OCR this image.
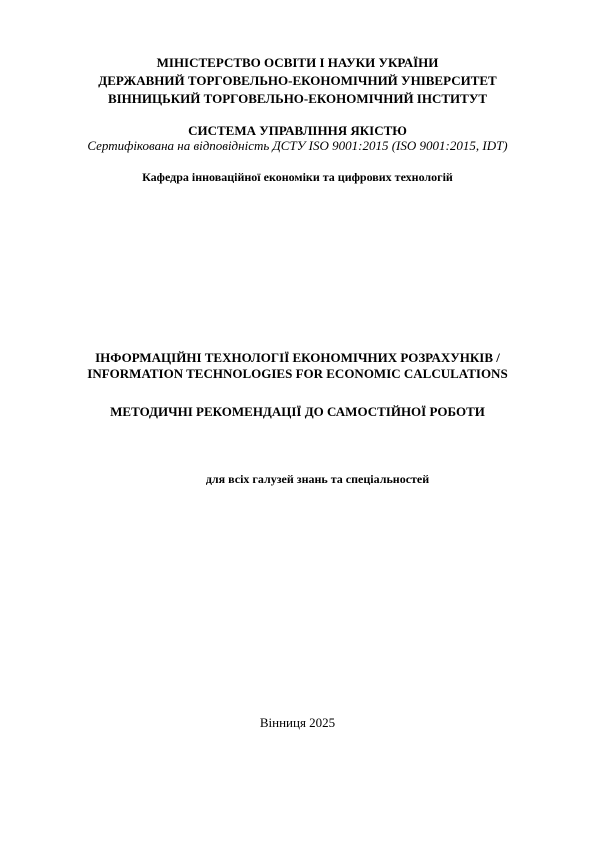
МІНІСТЕРСТВО ОСВІТИ І НАУКИ УКРАЇНИ
ДЕРЖАВНИЙ ТОРГОВЕЛЬНО-ЕКОНОМІЧНИЙ УНІВЕРСИТЕТ
ВІННИЦЬКИЙ ТОРГОВЕЛЬНО-ЕКОНОМІЧНИЙ ІНСТИТУТ
СИСТЕМА УПРАВЛІННЯ ЯКІСТЮ
Сертифікована на відповідність ДСТУ ISO 9001:2015 (ISO 9001:2015, IDT)
Кафедра інноваційної економіки та цифрових технологій
ІНФОРМАЦІЙНІ ТЕХНОЛОГІЇ ЕКОНОМІЧНИХ РОЗРАХУНКІВ /
INFORMATION TECHNOLOGIES FOR ECONOMIC CALCULATIONS
МЕТОДИЧНІ РЕКОМЕНДАЦІЇ ДО САМОСТІЙНОЇ РОБОТИ
для всіх галузей знань та спеціальностей
Вінниця 2025
